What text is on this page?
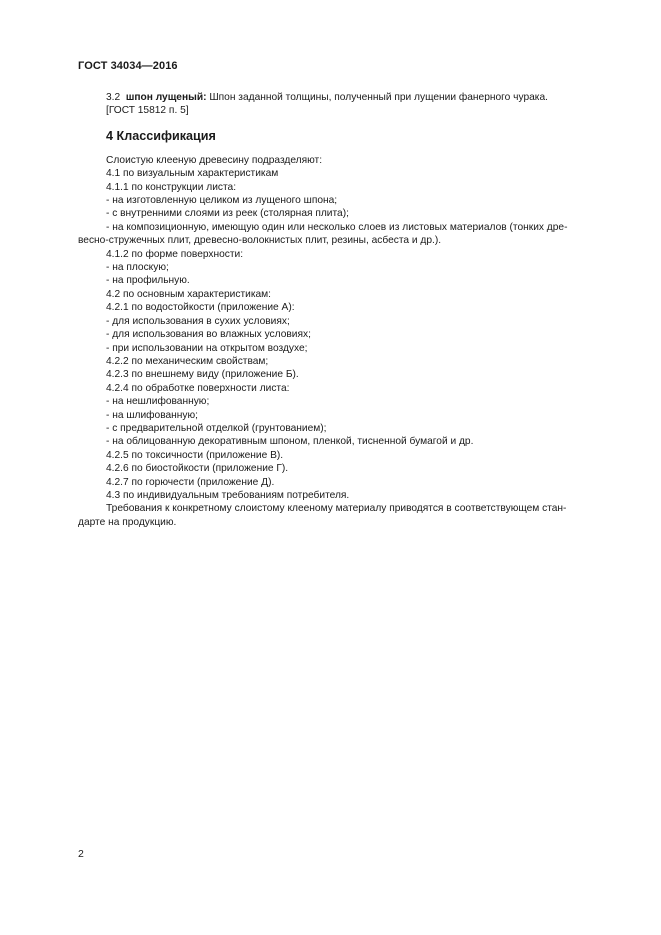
ГОСТ 34034—2016
3.2 шпон лущеный: Шпон заданной толщины, полученный при лущении фанерного чурака.
[ГОСТ 15812 п. 5]
4 Классификация
Слоистую клееную древесину подразделяют:
4.1 по визуальным характеристикам
4.1.1 по конструкции листа:
- на изготовленную целиком из лущеного шпона;
- с внутренними слоями из реек (столярная плита);
- на композиционную, имеющую один или несколько слоев из листовых материалов (тонких дре-
весно-стружечных плит, древесно-волокнистых плит, резины, асбеста и др.).
4.1.2 по форме поверхности:
- на плоскую;
- на профильную.
4.2 по основным характеристикам:
4.2.1 по водостойкости (приложение А):
- для использования в сухих условиях;
- для использования во влажных условиях;
- при использовании на открытом воздухе;
4.2.2 по механическим свойствам;
4.2.3 по внешнему виду (приложение Б).
4.2.4 по обработке поверхности листа:
- на нешлифованную;
- на шлифованную;
- с предварительной отделкой (грунтованием);
- на облицованную декоративным шпоном, пленкой, тисненной бумагой и др.
4.2.5 по токсичности (приложение В).
4.2.6 по биостойкости (приложение Г).
4.2.7 по горючести (приложение Д).
4.3 по индивидуальным требованиям потребителя.
Требования к конкретному слоистому клееному материалу приводятся в соответствующем стан-
дарте на продукцию.
2
